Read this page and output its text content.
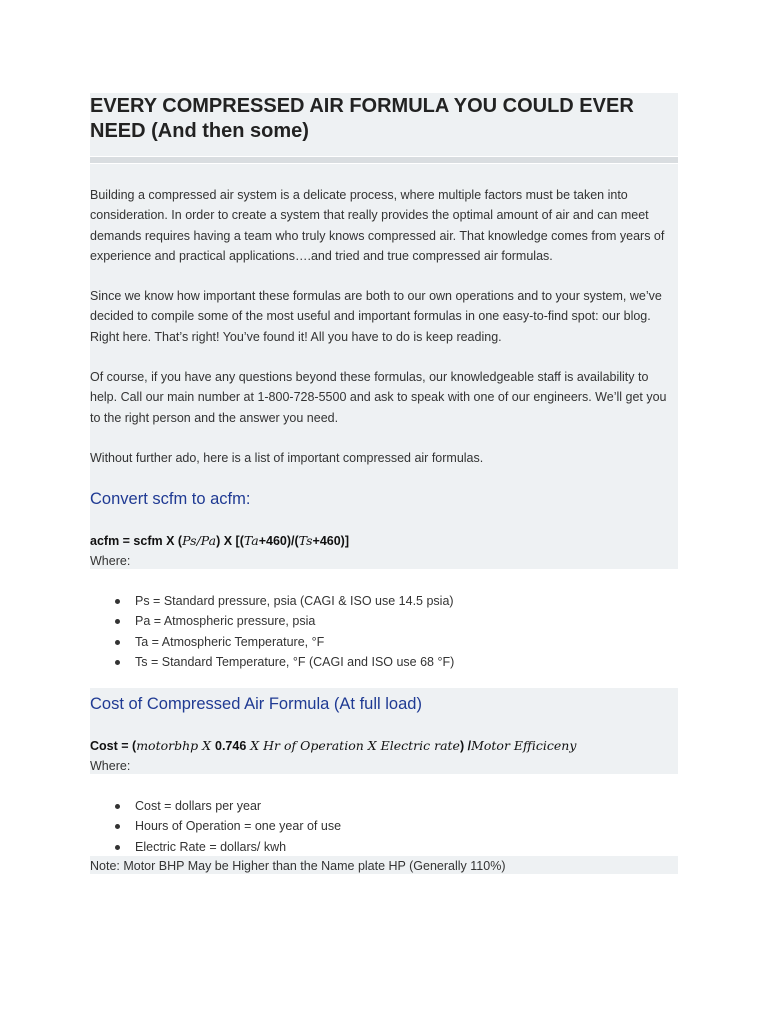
EVERY COMPRESSED AIR FORMULA YOU COULD EVER NEED (And then some)

Building a compressed air system is a delicate process, where multiple factors must be taken into consideration. In order to create a system that really provides the optimal amount of air and can meet demands requires having a team who truly knows compressed air. That knowledge comes from years of experience and practical applications….and tried and true compressed air formulas.

Since we know how important these formulas are both to our own operations and to your system, we’ve decided to compile some of the most useful and important formulas in one easy-to-find spot: our blog. Right here. That’s right! You’ve found it! All you have to do is keep reading.

Of course, if you have any questions beyond these formulas, our knowledgeable staff is availability to help. Call our main number at 1-800-728-5500 and ask to speak with one of our engineers. We’ll get you to the right person and the answer you need.

Without further ado, here is a list of important compressed air formulas.

Convert scfm to acfm:
acfm = scfm X (Ps/Pa) X [(Ta+460)/(Ts+460)]

Where:

Ps = Standard pressure, psia (CAGI & ISO use 14.5 psia)
Pa = Atmospheric pressure, psia
Ta = Atmospheric Temperature, °F
Ts = Standard Temperature, °F (CAGI and ISO use 68 °F)
Cost of Compressed Air Formula (At full load)
Cost = (motorbhp X 0.746 X Hr of Operation X Electric rate) /Motor Efficiceny

Where:

Cost = dollars per year
Hours of Operation = one year of use
Electric Rate = dollars/ kwh

Note: Motor BHP May be Higher than the Name plate HP (Generally 110%)
